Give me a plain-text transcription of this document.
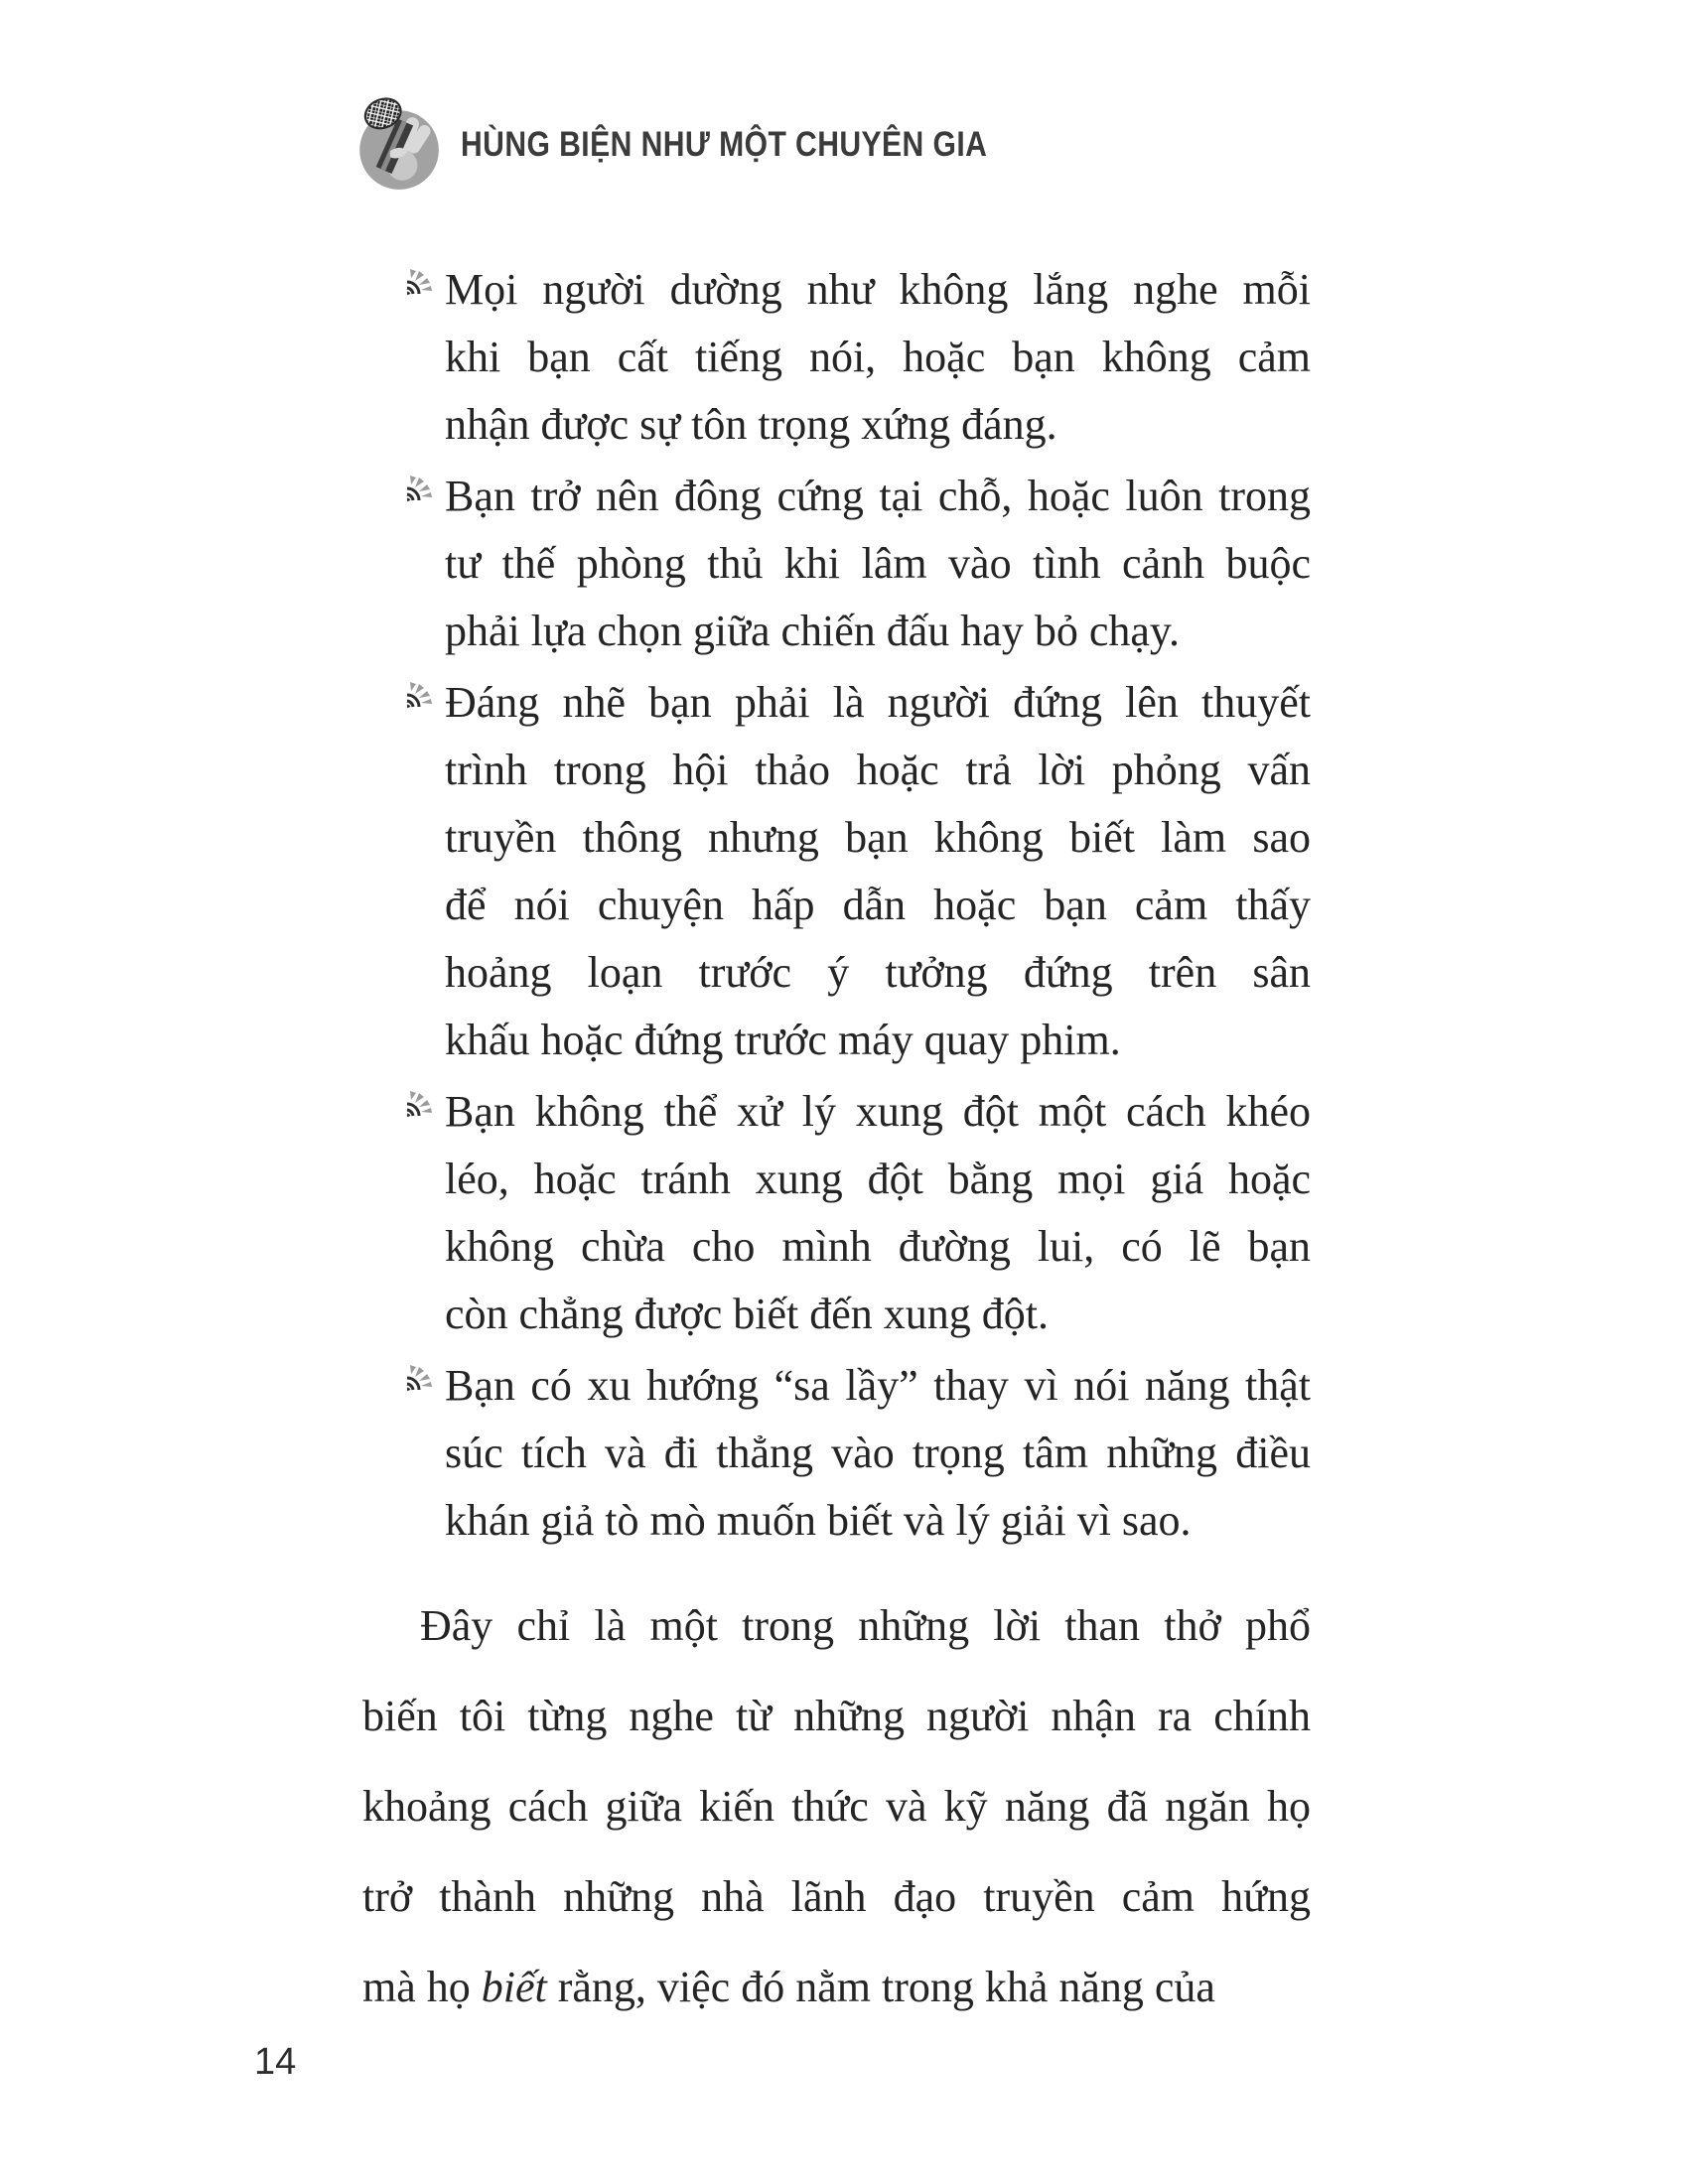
HÙNG BIỆN NHƯ MỘT CHUYÊN GIA
Mọi người dường như không lắng nghe mỗi
khi bạn cất tiếng nói, hoặc bạn không cảm
nhận được sự tôn trọng xứng đáng.
Bạn trở nên đông cứng tại chỗ, hoặc luôn trong
tư thế phòng thủ khi lâm vào tình cảnh buộc
phải lựa chọn giữa chiến đấu hay bỏ chạy.
Đáng nhẽ bạn phải là người đứng lên thuyết
trình trong hội thảo hoặc trả lời phỏng vấn
truyền thông nhưng bạn không biết làm sao
để nói chuyện hấp dẫn hoặc bạn cảm thấy
hoảng loạn trước ý tưởng đứng trên sân
khấu hoặc đứng trước máy quay phim.
Bạn không thể xử lý xung đột một cách khéo
léo, hoặc tránh xung đột bằng mọi giá hoặc
không chừa cho mình đường lui, có lẽ bạn
còn chẳng được biết đến xung đột.
Bạn có xu hướng “sa lầy” thay vì nói năng thật
súc tích và đi thẳng vào trọng tâm những điều
khán giả tò mò muốn biết và lý giải vì sao.
Đây chỉ là một trong những lời than thở phổ
biến tôi từng nghe từ những người nhận ra chính
khoảng cách giữa kiến thức và kỹ năng đã ngăn họ
trở thành những nhà lãnh đạo truyền cảm hứng
mà họ biết rằng, việc đó nằm trong khả năng của
14
